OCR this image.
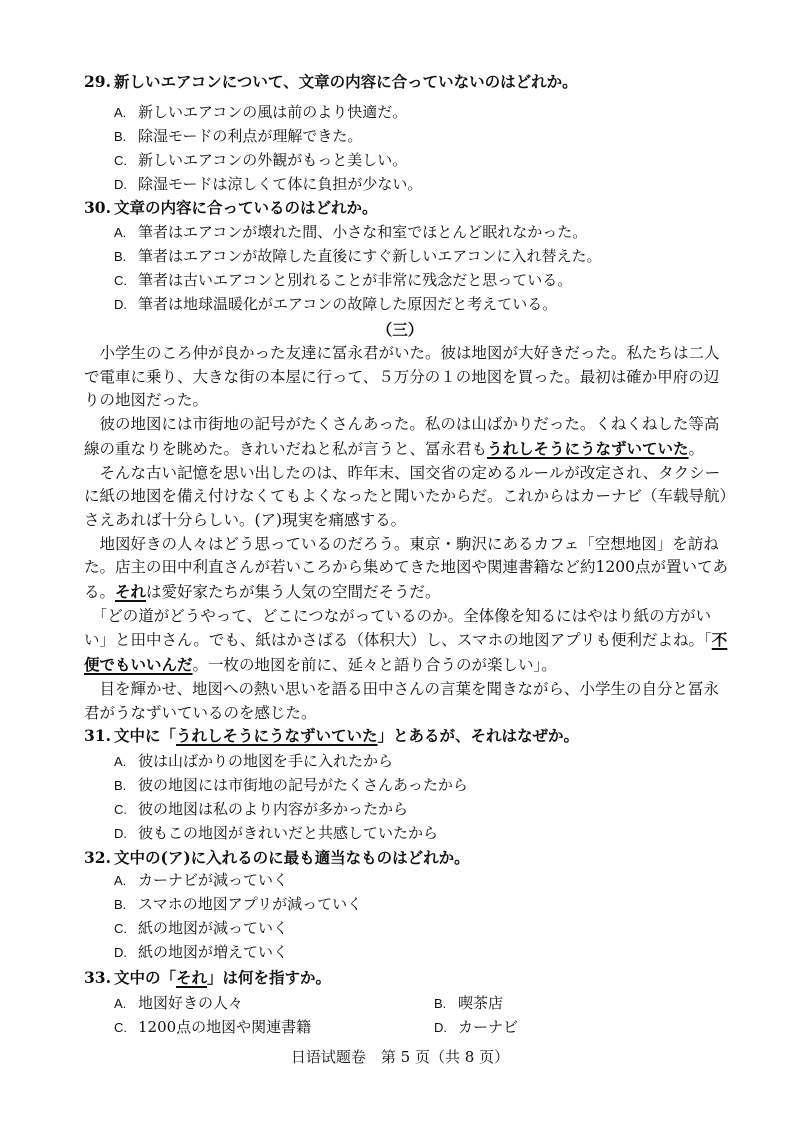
29. 新しいエアコンについて、文章の内容に合っていないのはどれか。
A. 新しいエアコンの風は前のより快適だ。
B. 除湿モードの利点が理解できた。
C. 新しいエアコンの外観がもっと美しい。
D. 除湿モードは涼しくて体に負担が少ない。
30. 文章の内容に合っているのはどれか。
A. 筆者はエアコンが壊れた間、小さな和室でほとんど眠れなかった。
B. 筆者はエアコンが故障した直後にすぐ新しいエアコンに入れ替えた。
C. 筆者は古いエアコンと別れることが非常に残念だと思っている。
D. 筆者は地球温暖化がエアコンの故障した原因だと考えている。
（三）
　小学生のころ仲が良かった友達に冨永君がいた。彼は地図が大好きだった。私たちは二人
で電車に乗り、大きな街の本屋に行って、５万分の１の地図を買った。最初は確か甲府の辺
りの地図だった。
　彼の地図には市街地の記号がたくさんあった。私のは山ばかりだった。くねくねした等高
線の重なりを眺めた。きれいだねと私が言うと、冨永君もうれしそうにうなずいていた。
　そんな古い記憶を思い出したのは、昨年末、国交省の定めるルールが改定され、タクシー
に紙の地図を備え付けなくてもよくなったと聞いたからだ。これからはカーナビ（车载导航）
さえあれば十分らしい。(ア)現実を痛感する。
　地図好きの人々はどう思っているのだろう。東京・駒沢にあるカフェ「空想地図」を訪ね
た。店主の田中利直さんが若いころから集めてきた地図や関連書籍など約1200点が置いてあ
る。それは愛好家たちが集う人気の空間だそうだ。
　「どの道がどうやって、どこにつながっているのか。全体像を知るにはやはり紙の方がい
い」と田中さん。でも、紙はかさばる（体积大）し、スマホの地図アプリも便利だよね。「不
便でもいいんだ。一枚の地図を前に、延々と語り合うのが楽しい」。
　目を輝かせ、地図への熱い思いを語る田中さんの言葉を聞きながら、小学生の自分と冨永
君がうなずいているのを感じた。
31. 文中に「うれしそうにうなずいていた」とあるが、それはなぜか。
A. 彼は山ばかりの地図を手に入れたから
B. 彼の地図には市街地の記号がたくさんあったから
C. 彼の地図は私のより内容が多かったから
D. 彼もこの地図がきれいだと共感していたから
32. 文中の(ア)に入れるのに最も適当なものはどれか。
A. カーナビが減っていく
B. スマホの地図アプリが減っていく
C. 紙の地図が減っていく
D. 紙の地図が増えていく
33. 文中の「それ」は何を指すか。
A. 地図好きの人々	B. 喫茶店
C. 1200点の地図や関連書籍	D. カーナビ
日语试题卷　第 5 页（共 8 页）
